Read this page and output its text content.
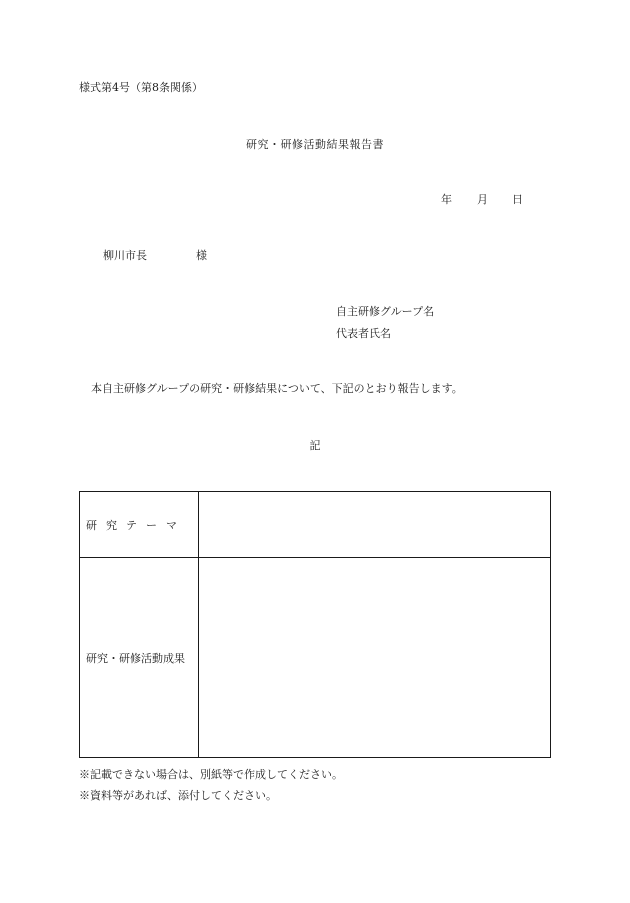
様式第4号（第8条関係）
研究・研修活動結果報告書
年 月 日
柳川市長	様
自主研修グループ名
代表者氏名
本自主研修グループの研究・研修結果について、下記のとおり報告します。
記
研究テーマ
研究・研修活動成果
※記載できない場合は、別紙等で作成してください。
※資料等があれば、添付してください。
